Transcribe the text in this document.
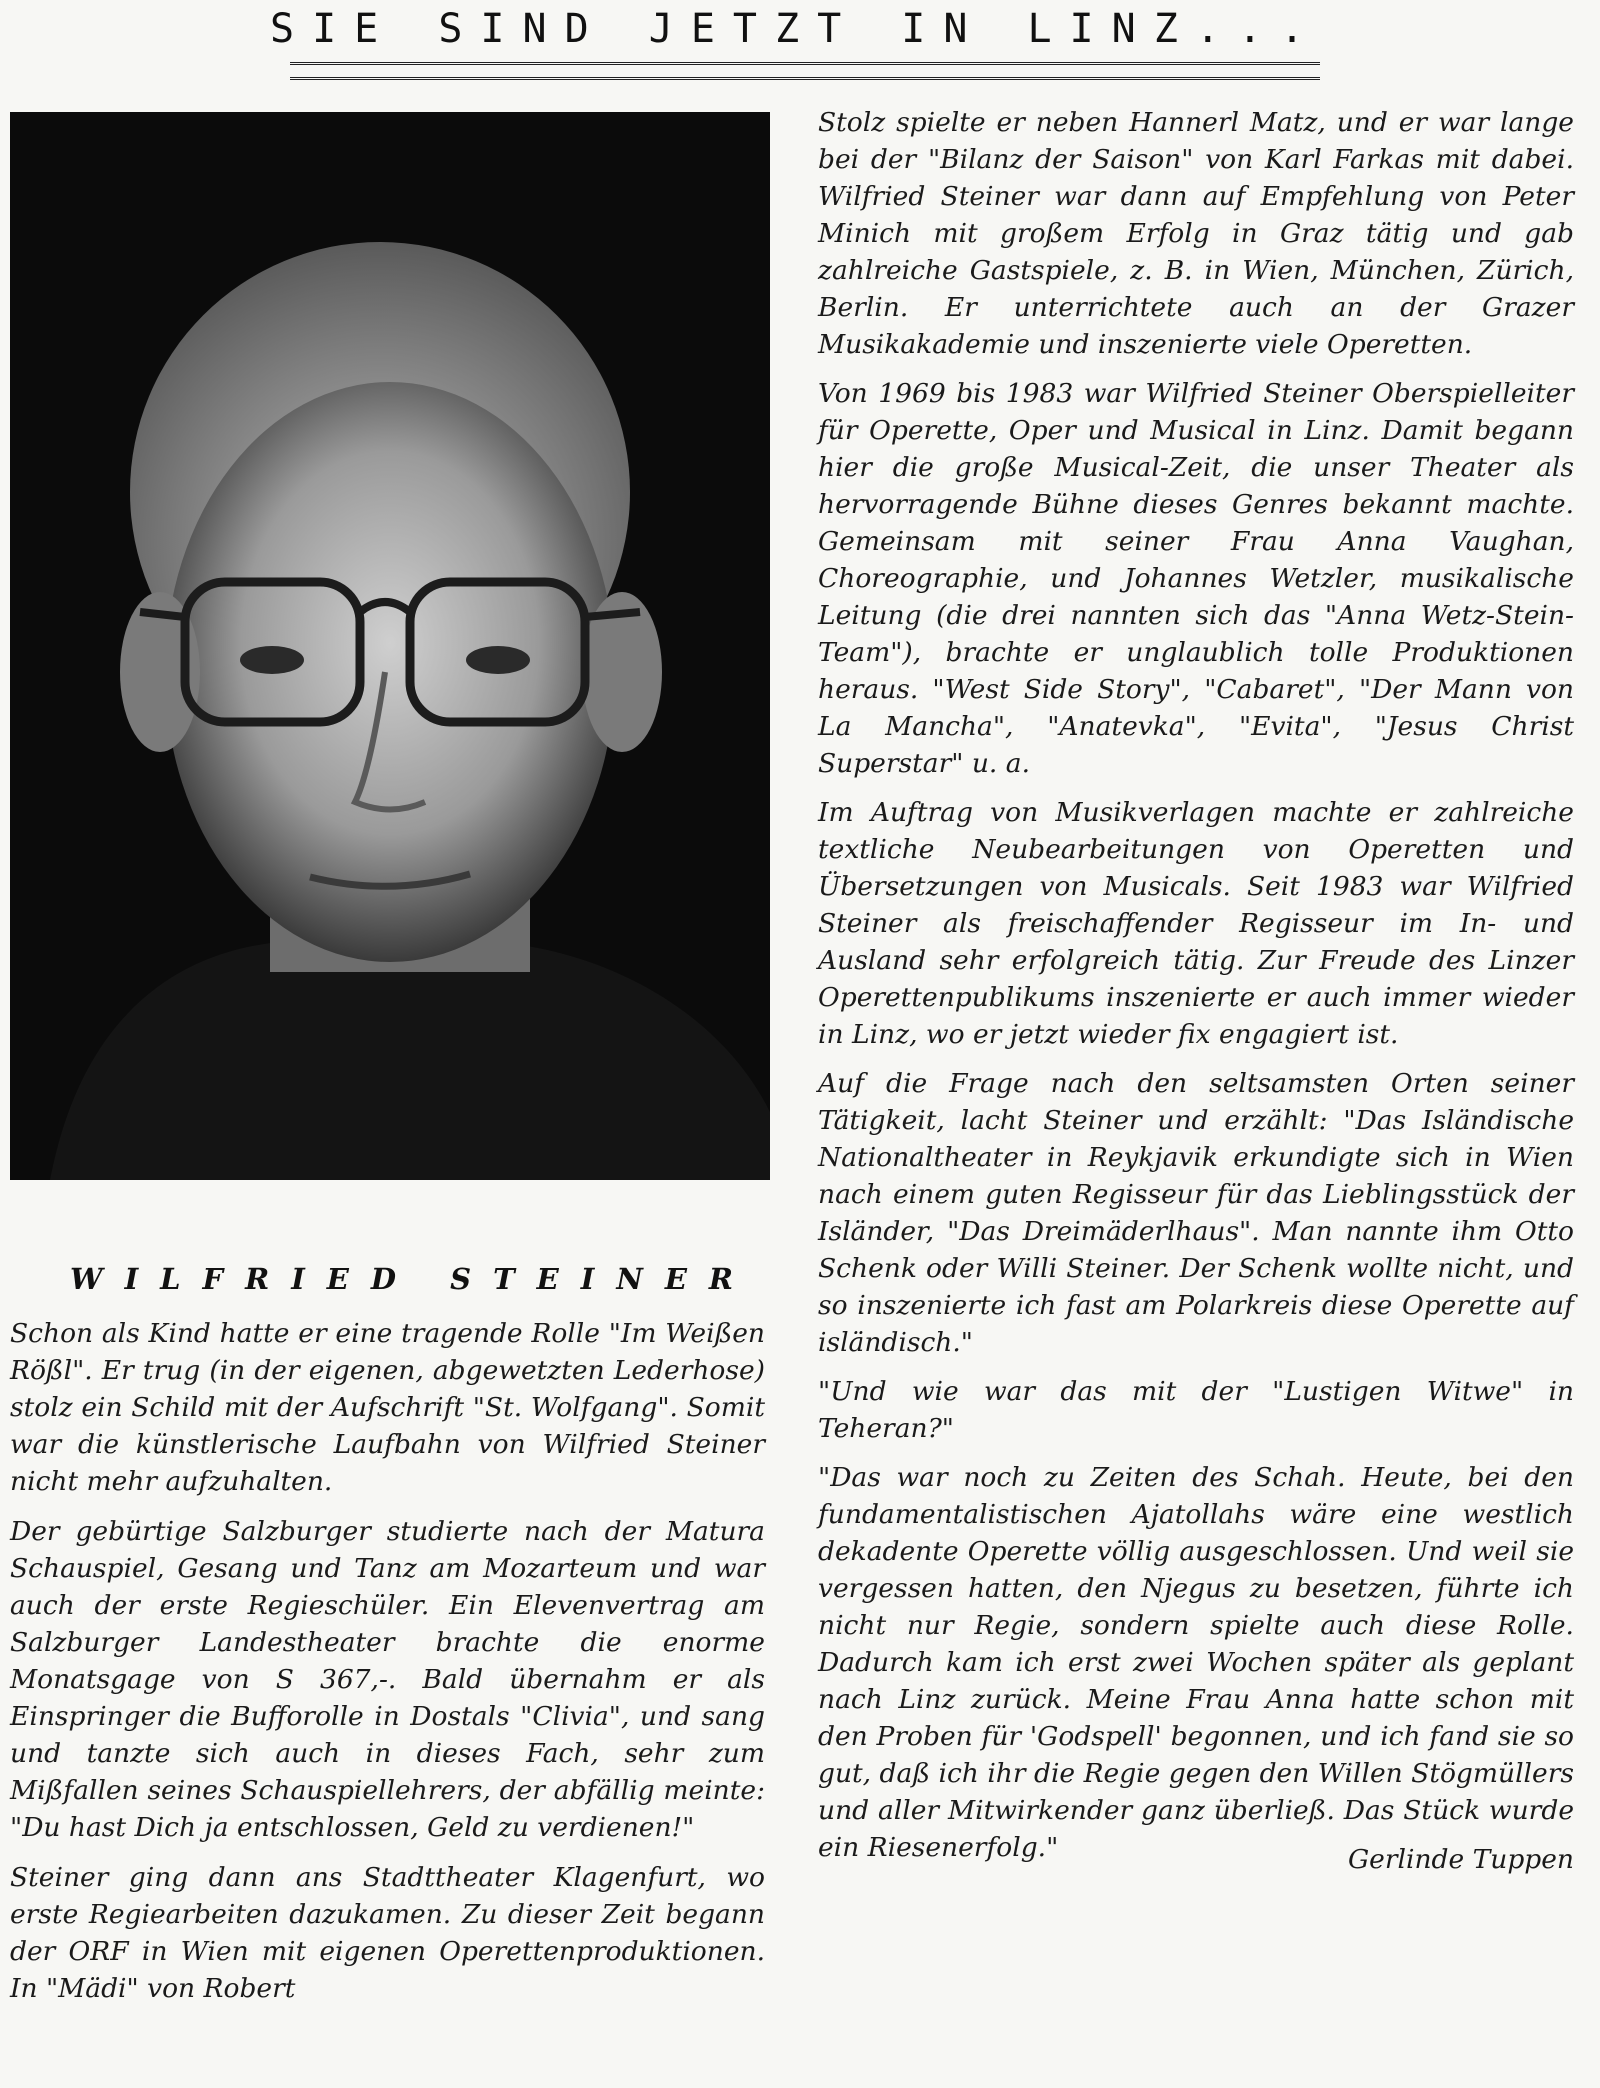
SIE SIND JETZT IN LINZ...
WILFRIED STEINER

Schon als Kind hatte er eine tragende Rolle "Im Weißen Rößl". Er trug (in der eigenen, abgewetzten Lederhose) stolz ein Schild mit der Aufschrift "St. Wolfgang". Somit war die künstlerische Laufbahn von Wilfried Steiner nicht mehr aufzuhalten.

Der gebürtige Salzburger studierte nach der Matura Schauspiel, Gesang und Tanz am Mozarteum und war auch der erste Regieschüler. Ein Elevenvertrag am Salzburger Landestheater brachte die enorme Monatsgage von S 367,-. Bald übernahm er als Einspringer die Bufforolle in Dostals "Clivia", und sang und tanzte sich auch in dieses Fach, sehr zum Mißfallen seines Schauspiellehrers, der abfällig meinte: "Du hast Dich ja entschlossen, Geld zu verdienen!"

Steiner ging dann ans Stadttheater Klagenfurt, wo erste Regiearbeiten dazukamen. Zu dieser Zeit begann der ORF in Wien mit eigenen Operettenproduktionen. In "Mädi" von Robert

Stolz spielte er neben Hannerl Matz, und er war lange bei der "Bilanz der Saison" von Karl Farkas mit dabei. Wilfried Steiner war dann auf Empfehlung von Peter Minich mit großem Erfolg in Graz tätig und gab zahlreiche Gastspiele, z. B. in Wien, München, Zürich, Berlin. Er unterrichtete auch an der Grazer Musikakademie und inszenierte viele Operetten.

Von 1969 bis 1983 war Wilfried Steiner Oberspielleiter für Operette, Oper und Musical in Linz. Damit begann hier die große Musical-Zeit, die unser Theater als hervorragende Bühne dieses Genres bekannt machte. Gemeinsam mit seiner Frau Anna Vaughan, Choreographie, und Johannes Wetzler, musikalische Leitung (die drei nannten sich das "Anna Wetz-Stein-Team"), brachte er unglaublich tolle Produktionen heraus. "West Side Story", "Cabaret", "Der Mann von La Mancha", "Anatevka", "Evita", "Jesus Christ Superstar" u. a.

Im Auftrag von Musikverlagen machte er zahlreiche textliche Neubearbeitungen von Operetten und Übersetzungen von Musicals. Seit 1983 war Wilfried Steiner als freischaffender Regisseur im In- und Ausland sehr erfolgreich tätig. Zur Freude des Linzer Operettenpublikums inszenierte er auch immer wieder in Linz, wo er jetzt wieder fix engagiert ist.

Auf die Frage nach den seltsamsten Orten seiner Tätigkeit, lacht Steiner und erzählt: "Das Isländische Nationaltheater in Reykjavik erkundigte sich in Wien nach einem guten Regisseur für das Lieblingsstück der Isländer, "Das Dreimäderlhaus". Man nannte ihm Otto Schenk oder Willi Steiner. Der Schenk wollte nicht, und so inszenierte ich fast am Polarkreis diese Operette auf isländisch."

"Und wie war das mit der "Lustigen Witwe" in Teheran?"

"Das war noch zu Zeiten des Schah. Heute, bei den fundamentalistischen Ajatollahs wäre eine westlich dekadente Operette völlig ausgeschlossen. Und weil sie vergessen hatten, den Njegus zu besetzen, führte ich nicht nur Regie, sondern spielte auch diese Rolle. Dadurch kam ich erst zwei Wochen später als geplant nach Linz zurück. Meine Frau Anna hatte schon mit den Proben für 'Godspell' begonnen, und ich fand sie so gut, daß ich ihr die Regie gegen den Willen Stögmüllers und aller Mitwirkender ganz überließ. Das Stück wurde ein Riesenerfolg."	Gerlinde Tuppen
